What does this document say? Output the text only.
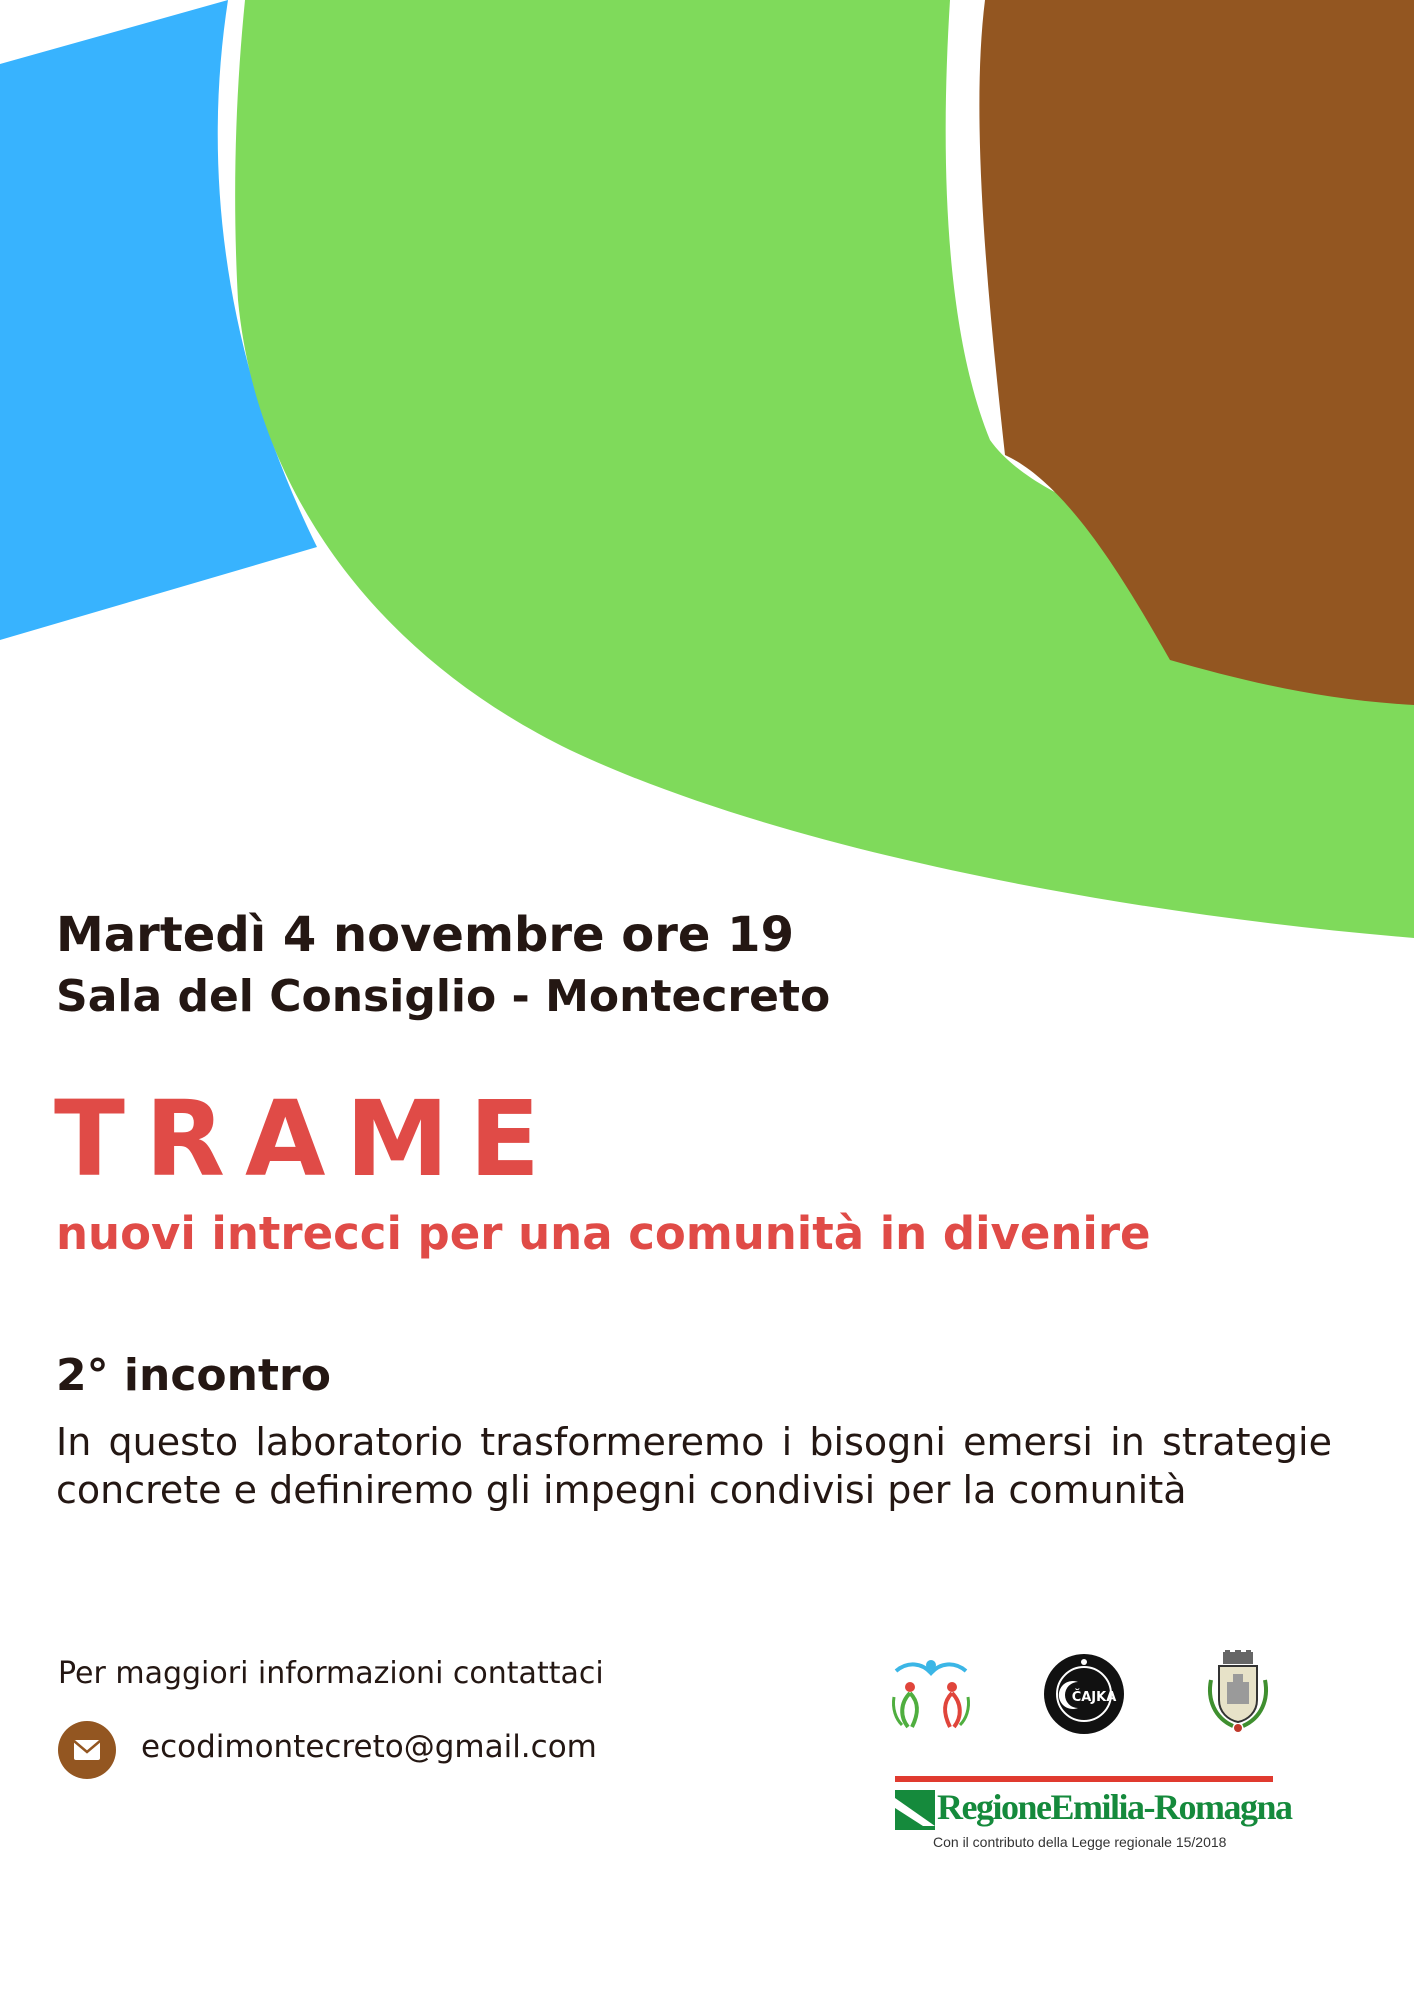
Martedì 4 novembre ore 19
Sala del Consiglio - Montecreto
TRAME
nuovi intrecci per una comunità in divenire
2° incontro

In questo laboratorio trasformeremo i bisogni emersi in strategie concrete e definiremo gli impegni condivisi per la comunità

Per maggiori informazioni contattaci

ecodimontecreto@gmail.com
ČAJKA

RegioneEmilia-Romagna

Con il contributo della Legge regionale 15/2018
